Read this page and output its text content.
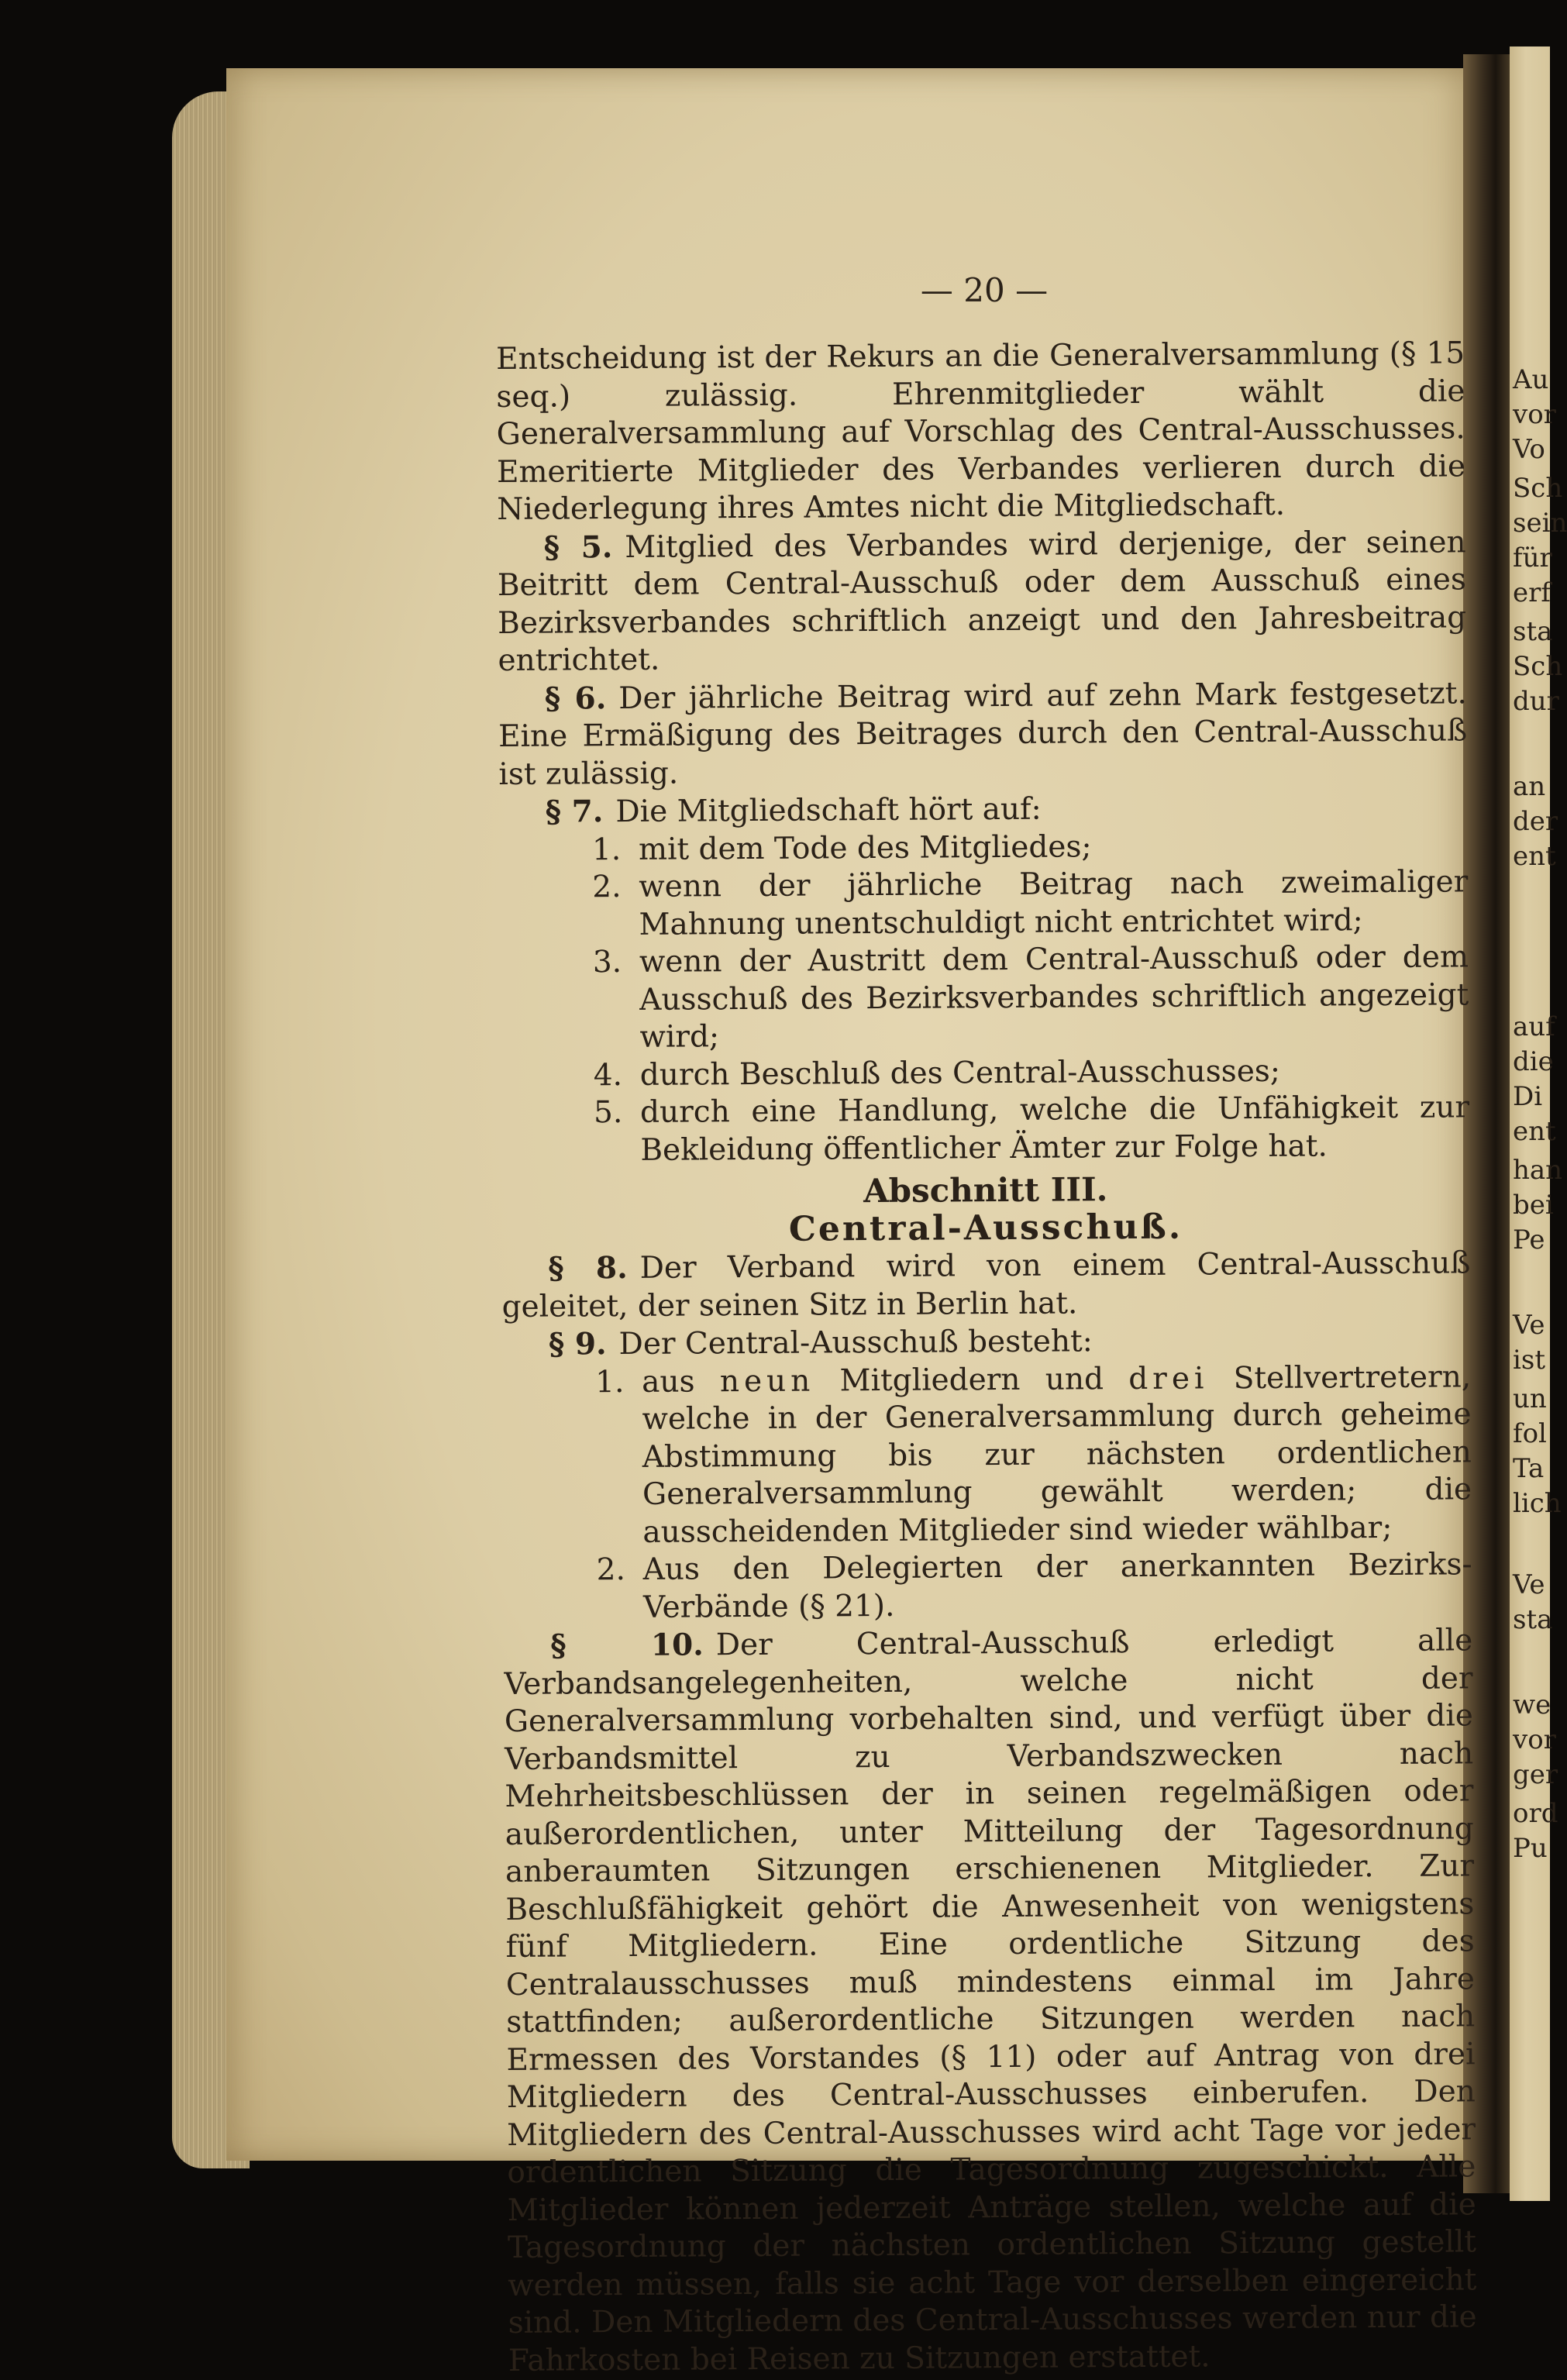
Au
vor
Vo
Sch
sein
für
erf
sta
Sch
dur
an
der
ent
auf
die
Di
ent
han
bei
Pe
Ve
ist
un
fol
Ta
lich
Ve
sta
we
vor
ger
ord
Pu
— 20 —

Entscheidung ist der Rekurs an die Generalversammlung (§ 15 seq.) zulässig. Ehrenmitglieder wählt die Generalversammlung auf Vorschlag des Central-Ausschusses. Emeritierte Mitglieder des Verbandes verlieren durch die Niederlegung ihres Amtes nicht die Mitgliedschaft.

§ 5. Mitglied des Verbandes wird derjenige, der seinen Beitritt dem Central-Ausschuß oder dem Ausschuß eines Bezirksverbandes schriftlich anzeigt und den Jahresbeitrag entrichtet.

§ 6. Der jährliche Beitrag wird auf zehn Mark festgesetzt. Eine Ermäßigung des Beitrages durch den Central-Ausschuß ist zulässig.

§ 7. Die Mitgliedschaft hört auf:

1. mit dem Tode des Mitgliedes;
2. wenn der jährliche Beitrag nach zweimaliger Mahnung unentschuldigt nicht entrichtet wird;
3. wenn der Austritt dem Central-Ausschuß oder dem Ausschuß des Bezirksverbandes schriftlich angezeigt wird;
4. durch Beschluß des Central-Ausschusses;
5. durch eine Handlung, welche die Unfähigkeit zur Bekleidung öffentlicher Ämter zur Folge hat.
Abschnitt III.
Central-Ausschuß.

§ 8. Der Verband wird von einem Central-Ausschuß geleitet, der seinen Sitz in Berlin hat.

§ 9. Der Central-Ausschuß besteht:

1. aus neun Mitgliedern und drei Stellvertretern, welche in der Generalversammlung durch geheime Abstimmung bis zur nächsten ordentlichen Generalversammlung gewählt werden; die ausscheidenden Mitglieder sind wieder wählbar;
2. Aus den Delegierten der anerkannten Bezirks-Verbände (§ 21).

§ 10. Der Central-Ausschuß erledigt alle Verbandsangelegenheiten, welche nicht der Generalversammlung vorbehalten sind, und verfügt über die Verbandsmittel zu Verbandszwecken nach Mehrheitsbeschlüssen der in seinen regelmäßigen oder außerordentlichen, unter Mitteilung der Tagesordnung anberaumten Sitzungen erschienenen Mitglieder. Zur Beschlußfähigkeit gehört die Anwesenheit von wenigstens fünf Mitgliedern. Eine ordentliche Sitzung des Centralausschusses muß mindestens einmal im Jahre stattfinden; außerordentliche Sitzungen werden nach Ermessen des Vorstandes (§ 11) oder auf Antrag von drei Mitgliedern des Central-Ausschusses einberufen. Den Mitgliedern des Central-Ausschusses wird acht Tage vor jeder ordentlichen Sitzung die Tagesordnung zugeschickt. Alle Mitglieder können jederzeit Anträge stellen, welche auf die Tagesordnung der nächsten ordentlichen Sitzung gestellt werden müssen, falls sie acht Tage vor derselben eingereicht sind. Den Mitgliedern des Central-Ausschusses werden nur die Fahrkosten bei Reisen zu Sitzungen erstattet.
